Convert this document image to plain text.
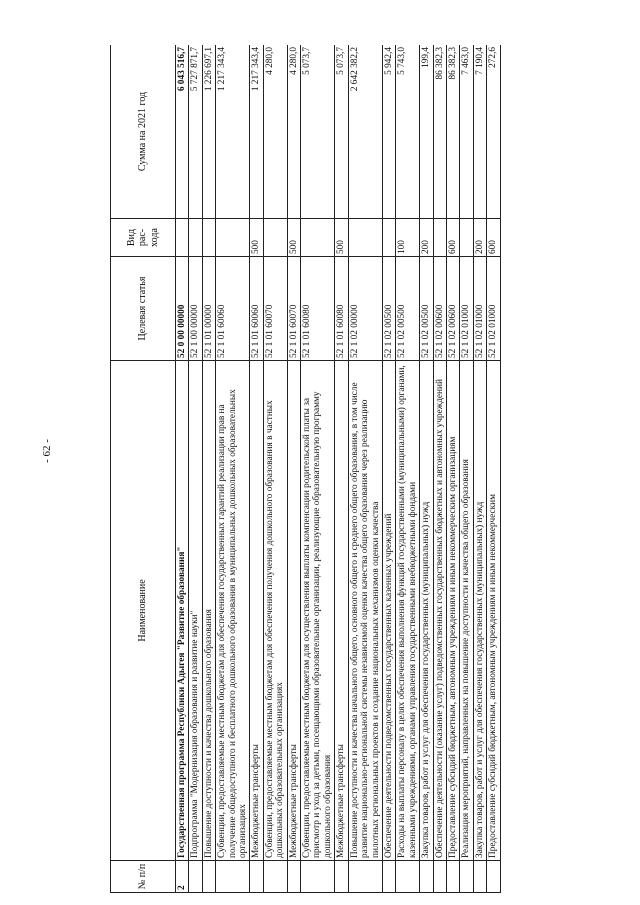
- 62 -
№ п/п	Наименование	Целевая статья	Вид рас-хода	Сумма на 2021 год
2	Государственная программа Республики Адыгея "Развитие образования"	52 0 00 00000		6 043 516,7
	Подпрограмма "Модернизация образования и развитие науки"	52 1 00 00000		5 727 871,7
	Повышение доступности и качества дошкольного образования	52 1 01 00000		1 226 697,1
	Субвенции, предоставляемые местным бюджетам для обеспечения государственных гарантий реализации прав на получение общедоступного и бесплатного дошкольного образования в муниципальных дошкольных образовательных организациях	52 1 01 60060		1 217 343,4
	Межбюджетные трансферты	52 1 01 60060	500	1 217 343,4
	Субвенции, предоставляемые местным бюджетам для обеспечения получения дошкольного образования в частных дошкольных образовательных организациях	52 1 01 60070		4 280,0
	Межбюджетные трансферты	52 1 01 60070	500	4 280,0
	Субвенции, предоставляемые местным бюджетам для осуществления выплаты компенсации родительской платы за присмотр и уход за детьми, посещающими образовательные организации, реализующие образовательную программу дошкольного образования	52 1 01 60080		5 073,7
	Межбюджетные трансферты	52 1 01 60080	500	5 073,7
	Повышение доступности и качества начального общего, основного общего и среднего общего образования, в том числе развитие национально-региональной системы независимой оценки качества общего образования через реализацию пилотных региональных проектов и создание национальных механизмов оценки качества	52 1 02 00000		2 642 382,2
	Обеспечение деятельности подведомственных государственных казенных учреждений	52 1 02 00500		5 942,4
	Расходы на выплаты персоналу в целях обеспечения выполнения функций государственными (муниципальными) органами, казенными учреждениями, органами управления государственными внебюджетными фондами	52 1 02 00500	100	5 743,0
	Закупка товаров, работ и услуг для обеспечения государственных (муниципальных) нужд	52 1 02 00500	200	199,4
	Обеспечение деятельности (оказание услуг) подведомственных государственных бюджетных и автономных учреждений	52 1 02 00600		86 382,3
	Предоставление субсидий бюджетным, автономным учреждениям и иным некоммерческим организациям	52 1 02 00600	600	86 382,3
	Реализация мероприятий, направленных на повышение доступности и качества общего образования	52 1 02 01000		7 463,0
	Закупка товаров, работ и услуг для обеспечения государственных (муниципальных) нужд	52 1 02 01000	200	7 190,4
	Предоставление субсидий бюджетным, автономным учреждениям и иным некоммерческим	52 1 02 01000	600	272,6
